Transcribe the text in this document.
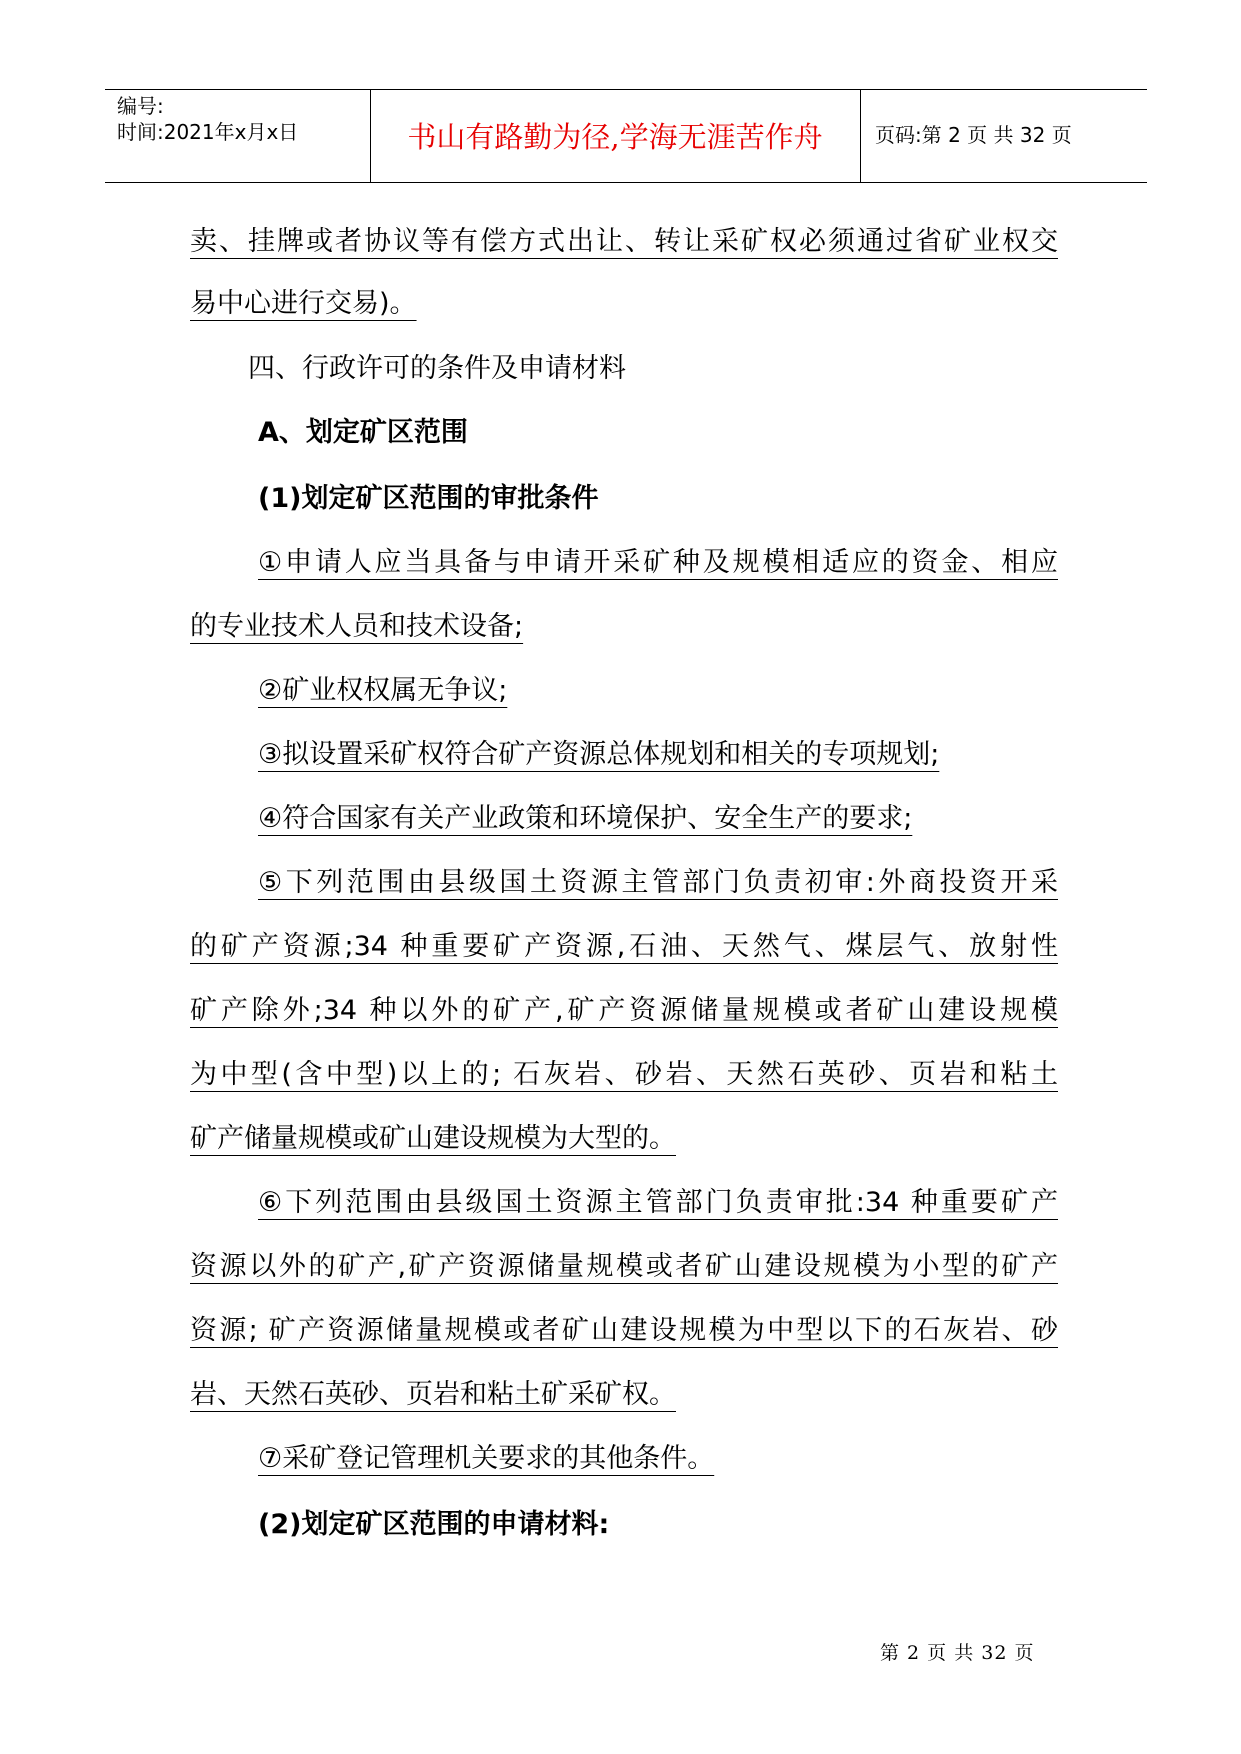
编号:
时间:2021年x月x日	书山有路勤为径,学海无涯苦作舟	页码:第 2 页 共 32 页
卖、挂牌或者协议等有偿方式出让、转让采矿权必须通过省矿业权交
易中心进行交易)。
四、行政许可的条件及申请材料
A、划定矿区范围
(1)划定矿区范围的审批条件
①申请人应当具备与申请开采矿种及规模相适应的资金、相应
的专业技术人员和技术设备;
②矿业权权属无争议;
③拟设置采矿权符合矿产资源总体规划和相关的专项规划;
④符合国家有关产业政策和环境保护、安全生产的要求;
⑤下列范围由县级国土资源主管部门负责初审:外商投资开采
的矿产资源;34 种重要矿产资源,石油、天然气、煤层气、放射性
矿产除外;34 种以外的矿产,矿产资源储量规模或者矿山建设规模
为中型(含中型)以上的; 石灰岩、砂岩、天然石英砂、页岩和粘土
矿产储量规模或矿山建设规模为大型的。
⑥下列范围由县级国土资源主管部门负责审批:34 种重要矿产
资源以外的矿产,矿产资源储量规模或者矿山建设规模为小型的矿产
资源; 矿产资源储量规模或者矿山建设规模为中型以下的石灰岩、砂
岩、天然石英砂、页岩和粘土矿采矿权。
⑦采矿登记管理机关要求的其他条件。
(2)划定矿区范围的申请材料:
第 2 页 共 32 页
